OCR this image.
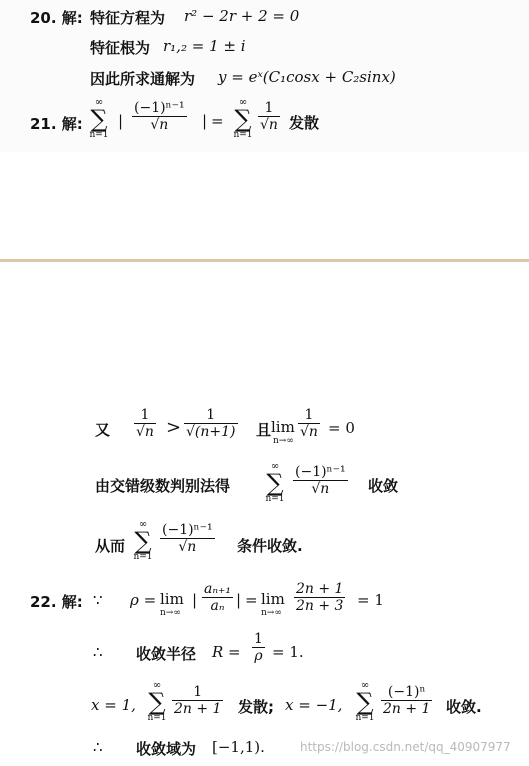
20. 解: 特征方程为 r² − 2r + 2 = 0
特征根为 r₁,₂ = 1 ± i
因此所求通解为 y = eˣ(C₁cosx + C₂sinx)
21. 解:
∞
∑
n=1
|
(−1)ⁿ⁻¹
√n	| =
∞
∑
n=1
1
√n 发散
又
1
√n >
1
√(n+1) 且 lim
n→∞
1
√n = 0
由交错级数判别法得
∞
∑
n=1
(−1)ⁿ⁻¹
√n	收敛
从而
∞
∑
n=1
(−1)ⁿ⁻¹
√n	条件收敛.
22. 解: ∵ ρ = lim
n→∞
|
aₙ₊₁
aₙ | = lim
n→∞
2n + 1
2n + 3 = 1
∴ 收敛半径 R =
1
ρ = 1.
x = 1,
∞
∑
n=1
1
2n + 1 发散; x = −1,
∞
∑
n=1
(−1)ⁿ
2n + 1 收敛.
∴ 收敛域为 [−1,1).	https://blog.csdn.net/qq_40907977
